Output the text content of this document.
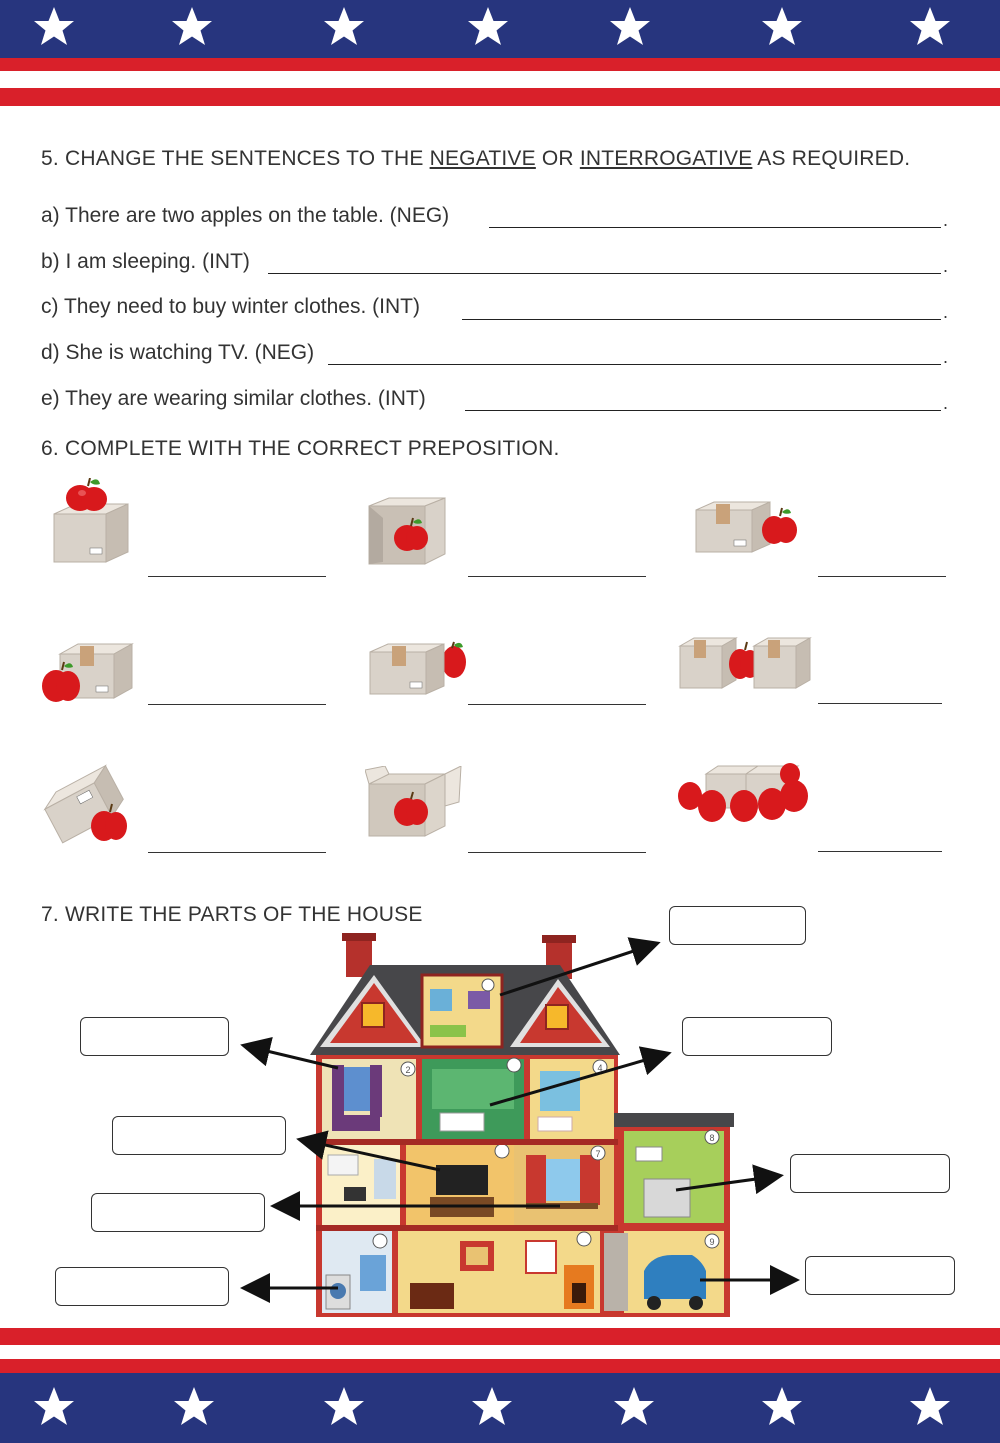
5. CHANGE THE SENTENCES TO THE NEGATIVE OR INTERROGATIVE AS REQUIRED.
a) There are two apples on the table. (NEG)	.
b) I am sleeping. (INT)	.
c) They need to buy winter clothes. (INT)	.
d) She is watching TV. (NEG)	.
e) They are wearing similar clothes. (INT)	.
6. COMPLETE WITH THE CORRECT PREPOSITION.
7. WRITE THE PARTS OF THE HOUSE
2	4
7
8
9
